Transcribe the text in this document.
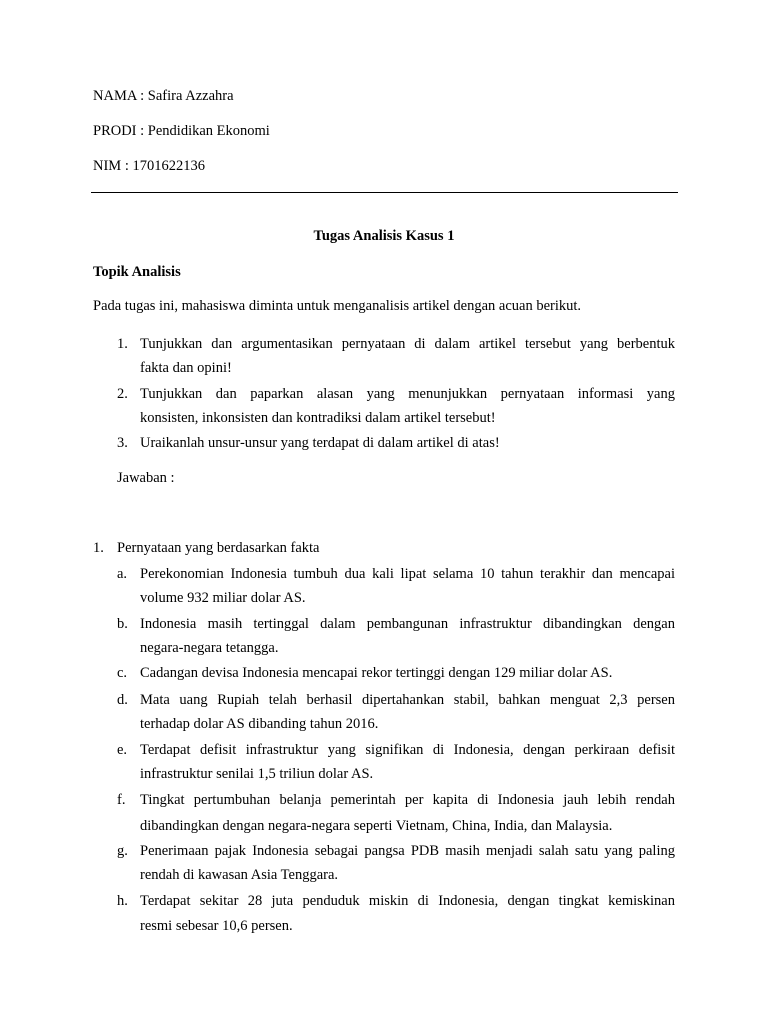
NAMA : Safira Azzahra
PRODI : Pendidikan Ekonomi
NIM : 1701622136
Tugas Analisis Kasus 1
Topik Analisis
Pada tugas ini, mahasiswa diminta untuk menganalisis artikel dengan acuan berikut.
1. Tunjukkan dan argumentasikan pernyataan di dalam artikel tersebut yang berbentuk
fakta dan opini!
2. Tunjukkan dan paparkan alasan yang menunjukkan pernyataan informasi yang
konsisten, inkonsisten dan kontradiksi dalam artikel tersebut!
3. Uraikanlah unsur-unsur yang terdapat di dalam artikel di atas!
Jawaban :
1. Pernyataan yang berdasarkan fakta
a. Perekonomian Indonesia tumbuh dua kali lipat selama 10 tahun terakhir dan mencapai
volume 932 miliar dolar AS.
b. Indonesia masih tertinggal dalam pembangunan infrastruktur dibandingkan dengan
negara-negara tetangga.
c. Cadangan devisa Indonesia mencapai rekor tertinggi dengan 129 miliar dolar AS.
d. Mata uang Rupiah telah berhasil dipertahankan stabil, bahkan menguat 2,3 persen
terhadap dolar AS dibanding tahun 2016.
e. Terdapat defisit infrastruktur yang signifikan di Indonesia, dengan perkiraan defisit
infrastruktur senilai 1,5 triliun dolar AS.
f. Tingkat pertumbuhan belanja pemerintah per kapita di Indonesia jauh lebih rendah
dibandingkan dengan negara-negara seperti Vietnam, China, India, dan Malaysia.
g. Penerimaan pajak Indonesia sebagai pangsa PDB masih menjadi salah satu yang paling
rendah di kawasan Asia Tenggara.
h. Terdapat sekitar 28 juta penduduk miskin di Indonesia, dengan tingkat kemiskinan
resmi sebesar 10,6 persen.
